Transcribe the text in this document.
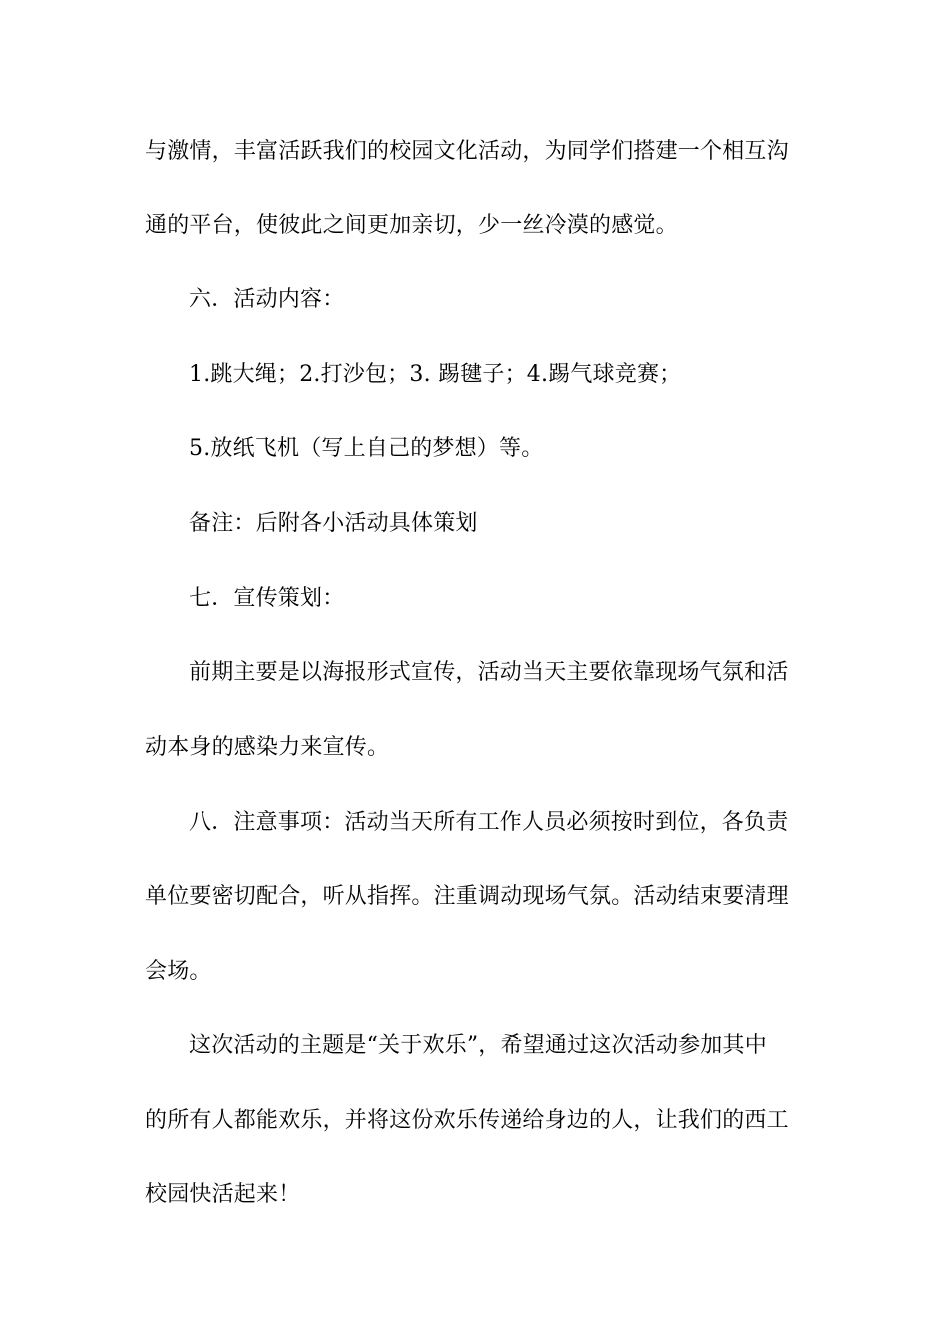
与激情，丰富活跃我们的校园文化活动，为同学们搭建一个相互沟
通的平台，使彼此之间更加亲切，少一丝冷漠的感觉。
六．活动内容：
1.跳大绳；2.打沙包；3. 踢毽子；4.踢气球竞赛；
5.放纸飞机（写上自己的梦想）等。
备注：后附各小活动具体策划
七．宣传策划：
前期主要是以海报形式宣传，活动当天主要依靠现场气氛和活
动本身的感染力来宣传。
八．注意事项：活动当天所有工作人员必须按时到位，各负责
单位要密切配合，听从指挥。注重调动现场气氛。活动结束要清理
会场。
这次活动的主题是“关于欢乐”，希望通过这次活动参加其中
的所有人都能欢乐，并将这份欢乐传递给身边的人，让我们的西工
校园快活起来！
